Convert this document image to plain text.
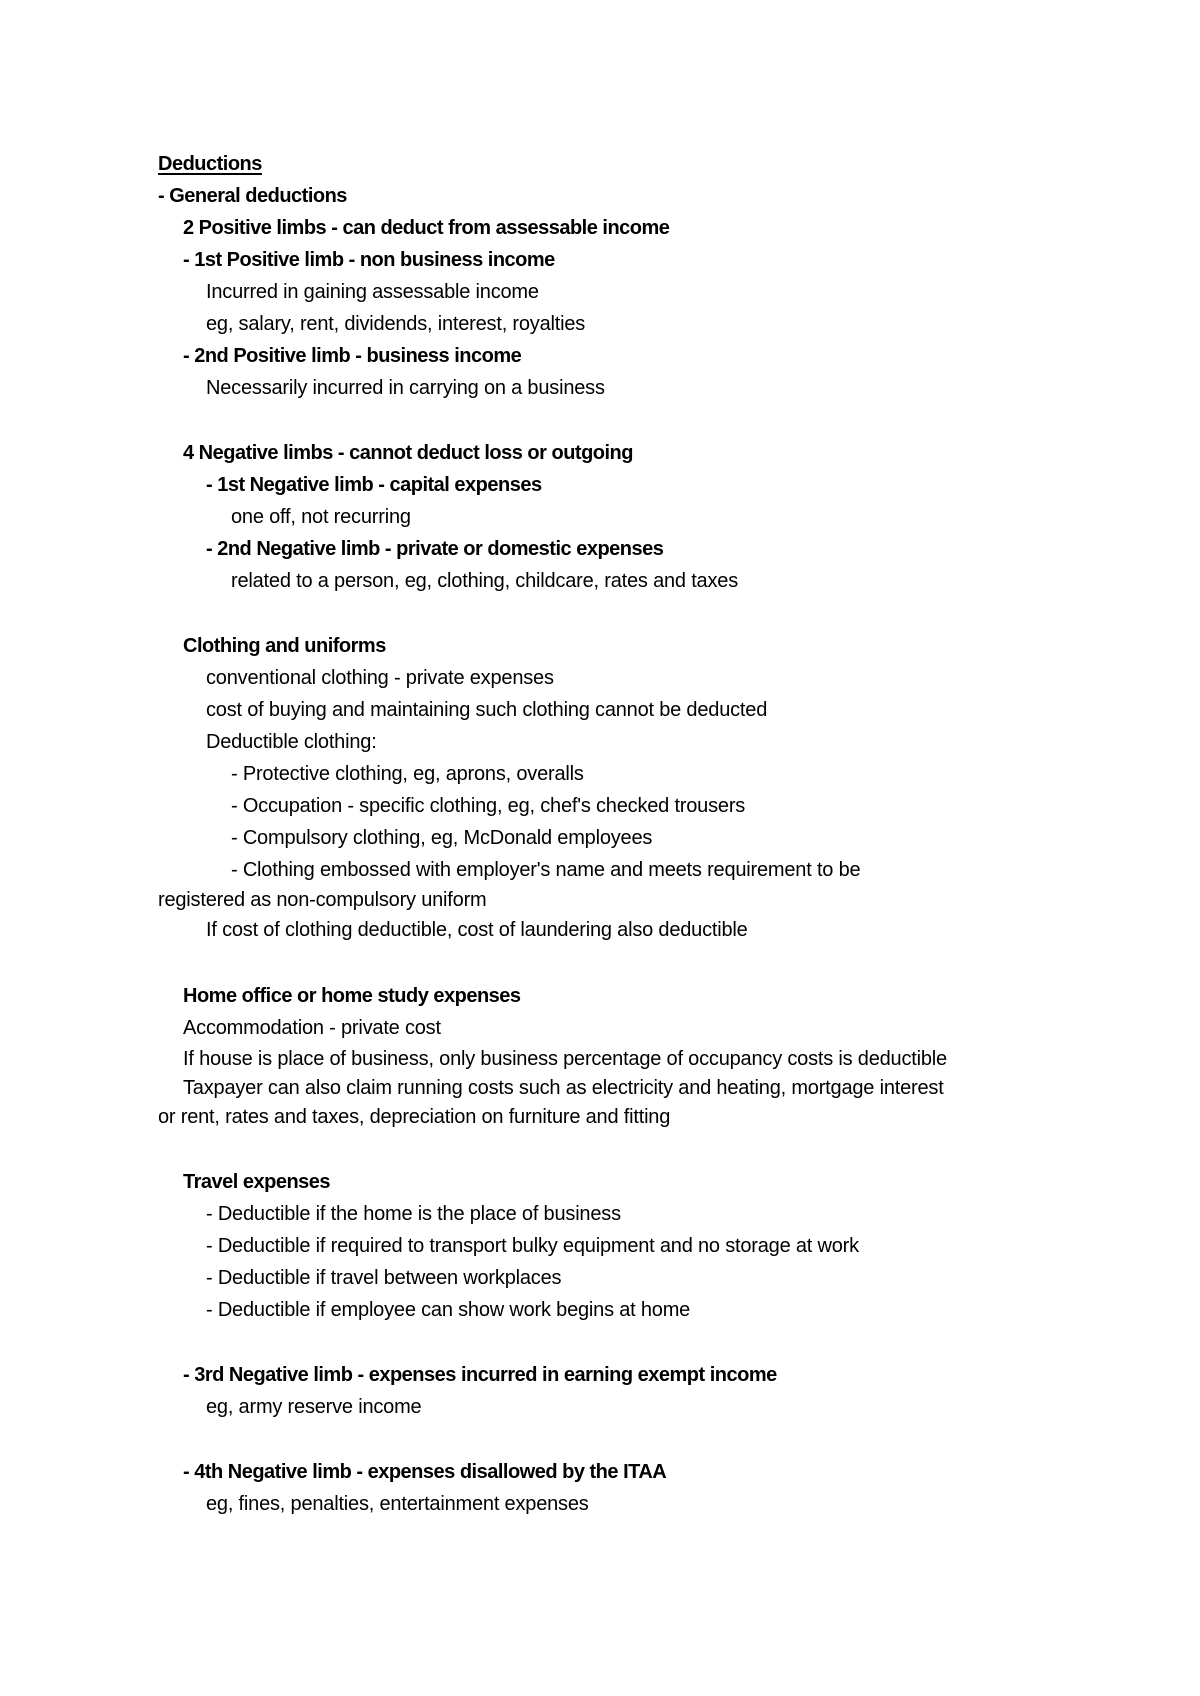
Deductions
- General deductions
2 Positive limbs - can deduct from assessable income
- 1st Positive limb - non business income
Incurred in gaining assessable income
eg, salary, rent, dividends, interest, royalties
- 2nd Positive limb - business income
Necessarily incurred in carrying on a business
4 Negative limbs - cannot deduct loss or outgoing
- 1st Negative limb - capital expenses
one off, not recurring
- 2nd Negative limb - private or domestic expenses
related to a person, eg, clothing, childcare, rates and taxes
Clothing and uniforms
conventional clothing - private expenses
cost of buying and maintaining such clothing cannot be deducted
Deductible clothing:
- Protective clothing, eg, aprons, overalls
- Occupation - specific clothing, eg, chef's checked trousers
- Compulsory clothing, eg, McDonald employees
- Clothing embossed with employer's name and meets requirement to be
registered as non-compulsory uniform
If cost of clothing deductible, cost of laundering also deductible
Home office or home study expenses
Accommodation - private cost
If house is place of business, only business percentage of occupancy costs is deductible
Taxpayer can also claim running costs such as electricity and heating, mortgage interest
or rent, rates and taxes, depreciation on furniture and fitting
Travel expenses
- Deductible if the home is the place of business
- Deductible if required to transport bulky equipment and no storage at work
- Deductible if travel between workplaces
- Deductible if employee can show work begins at home
- 3rd Negative limb - expenses incurred in earning exempt income
eg, army reserve income
- 4th Negative limb - expenses disallowed by the ITAA
eg, fines, penalties, entertainment expenses
